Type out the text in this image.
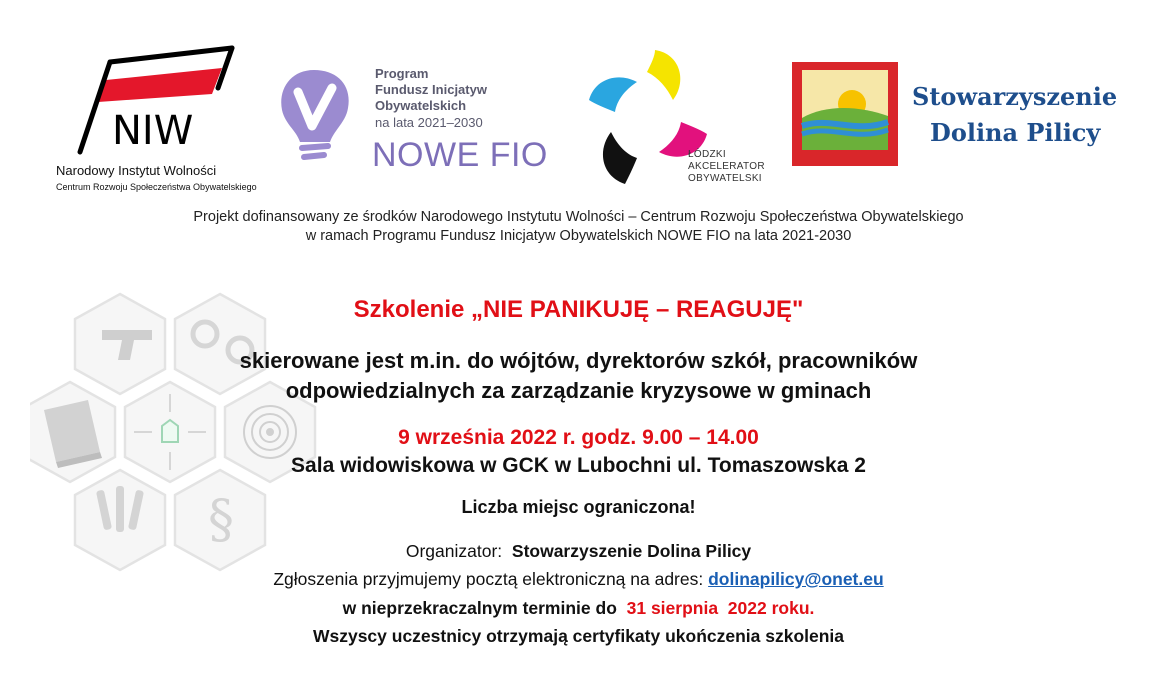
NIW
Narodowy Instytut Wolności
Centrum Rozwoju Społeczeństwa Obywatelskiego
Program
Fundusz Inicjatyw
Obywatelskich
na lata 2021–2030
NOWE FIO	ŁÓDZKI
AKCELERATOR
OBYWATELSKI
Stowarzyszenie
Dolina Pilicy
Projekt dofinansowany ze środków Narodowego Instytutu Wolności – Centrum Rozwoju Społeczeństwa Obywatelskiego
w ramach Programu Fundusz Inicjatyw Obywatelskich NOWE FIO na lata 2021-2030
§
Szkolenie „NIE PANIKUJĘ – REAGUJĘ"
skierowane jest m.in. do wójtów, dyrektorów szkół, pracowników
odpowiedzialnych za zarządzanie kryzysowe w gminach
9 września 2022 r. godz. 9.00 – 14.00
Sala widowiskowa w GCK w Lubochni ul. Tomaszowska 2
Liczba miejsc ograniczona!
Organizator: Stowarzyszenie Dolina Pilicy
Zgłoszenia przyjmujemy pocztą elektroniczną na adres: dolinapilicy@onet.eu
w nieprzekraczalnym terminie do 31 sierpnia  2022 roku.
Wszyscy uczestnicy otrzymają certyfikaty ukończenia szkolenia
